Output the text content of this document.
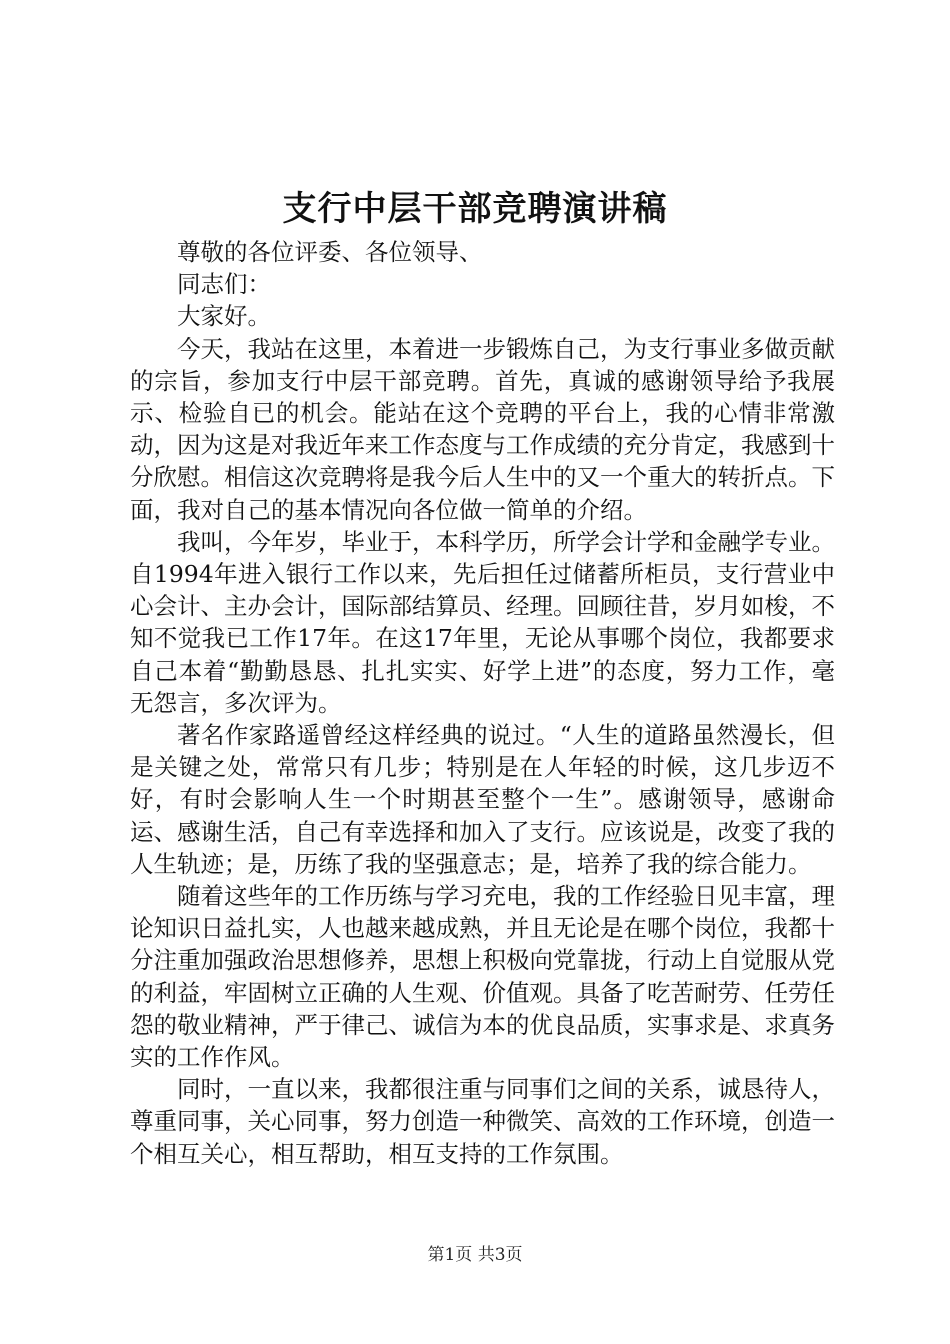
支行中层干部竞聘演讲稿

尊敬的各位评委、各位领导、

同志们：

大家好。

今天，我站在这里，本着进一步锻炼自己，为支行事业多做贡献的宗旨，参加支行中层干部竞聘。首先，真诚的感谢领导给予我展示、检验自已的机会。能站在这个竞聘的平台上，我的心情非常激动，因为这是对我近年来工作态度与工作成绩的充分肯定，我感到十分欣慰。相信这次竞聘将是我今后人生中的又一个重大的转折点。下面，我对自己的基本情况向各位做一简单的介绍。

我叫，今年岁，毕业于，本科学历，所学会计学和金融学专业。自1994年进入银行工作以来，先后担任过储蓄所柜员，支行营业中心会计、主办会计，国际部结算员、经理。回顾往昔，岁月如梭，不知不觉我已工作17年。在这17年里，无论从事哪个岗位，我都要求自己本着“勤勤恳恳、扎扎实实、好学上进”的态度，努力工作，毫无怨言，多次评为。

著名作家路遥曾经这样经典的说过。“人生的道路虽然漫长，但是关键之处，常常只有几步；特别是在人年轻的时候，这几步迈不好，有时会影响人生一个时期甚至整个一生”。感谢领导，感谢命运、感谢生活，自己有幸选择和加入了支行。应该说是，改变了我的人生轨迹；是，历练了我的坚强意志；是，培养了我的综合能力。

随着这些年的工作历练与学习充电，我的工作经验日见丰富，理论知识日益扎实，人也越来越成熟，并且无论是在哪个岗位，我都十分注重加强政治思想修养，思想上积极向党靠拢，行动上自觉服从党的利益，牢固树立正确的人生观、价值观。具备了吃苦耐劳、任劳任怨的敬业精神，严于律己、诚信为本的优良品质，实事求是、求真务实的工作作风。

同时，一直以来，我都很注重与同事们之间的关系，诚恳待人，尊重同事，关心同事，努力创造一种微笑、高效的工作环境，创造一个相互关心，相互帮助，相互支持的工作氛围。

第1页 共3页
